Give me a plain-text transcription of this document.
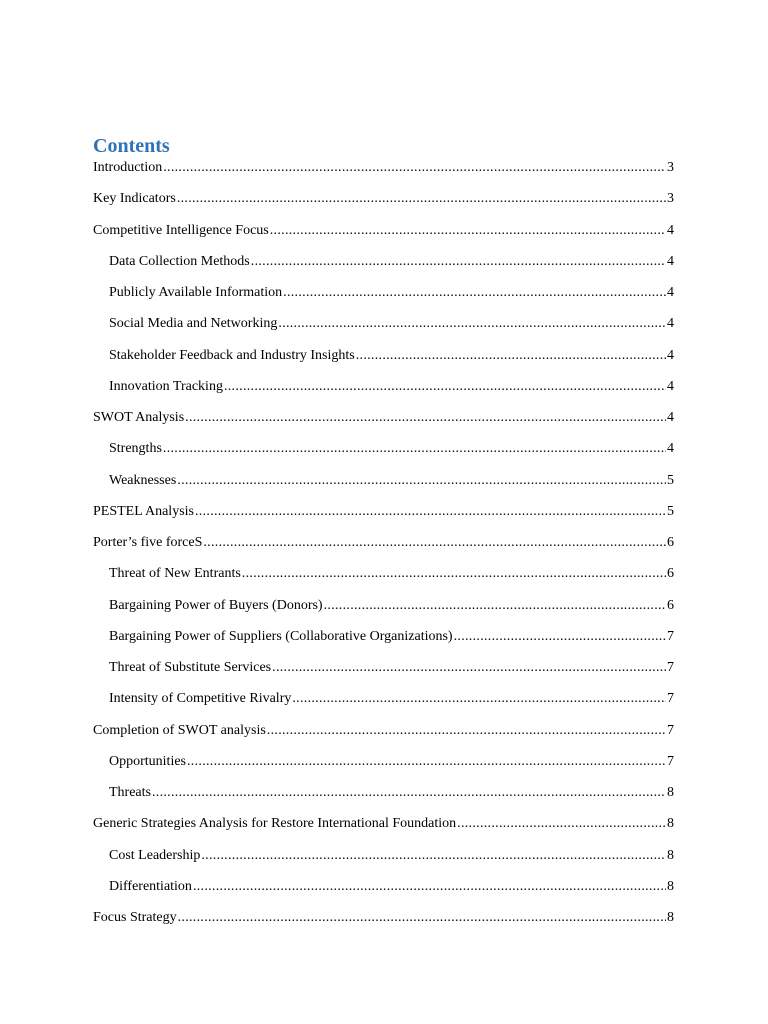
Contents
Introduction .....	3
Key Indicators .....	3
Competitive Intelligence Focus .....	4
Data Collection Methods .....	4
Publicly Available Information .....	4
Social Media and Networking .....	4
Stakeholder Feedback and Industry Insights .....	4
Innovation Tracking .....	4
SWOT Analysis .....	4
Strengths .....	4
Weaknesses .....	5
PESTEL Analysis .....	5
Porter’s five forceS .....	6
Threat of New Entrants .....	6
Bargaining Power of Buyers (Donors) .....	6
Bargaining Power of Suppliers (Collaborative Organizations) .....	7
Threat of Substitute Services .....	7
Intensity of Competitive Rivalry .....	7
Completion of SWOT analysis .....	7
Opportunities .....	7
Threats .....	8
Generic Strategies Analysis for Restore International Foundation .....	8
Cost Leadership .....	8
Differentiation .....	8
Focus Strategy .....	8
